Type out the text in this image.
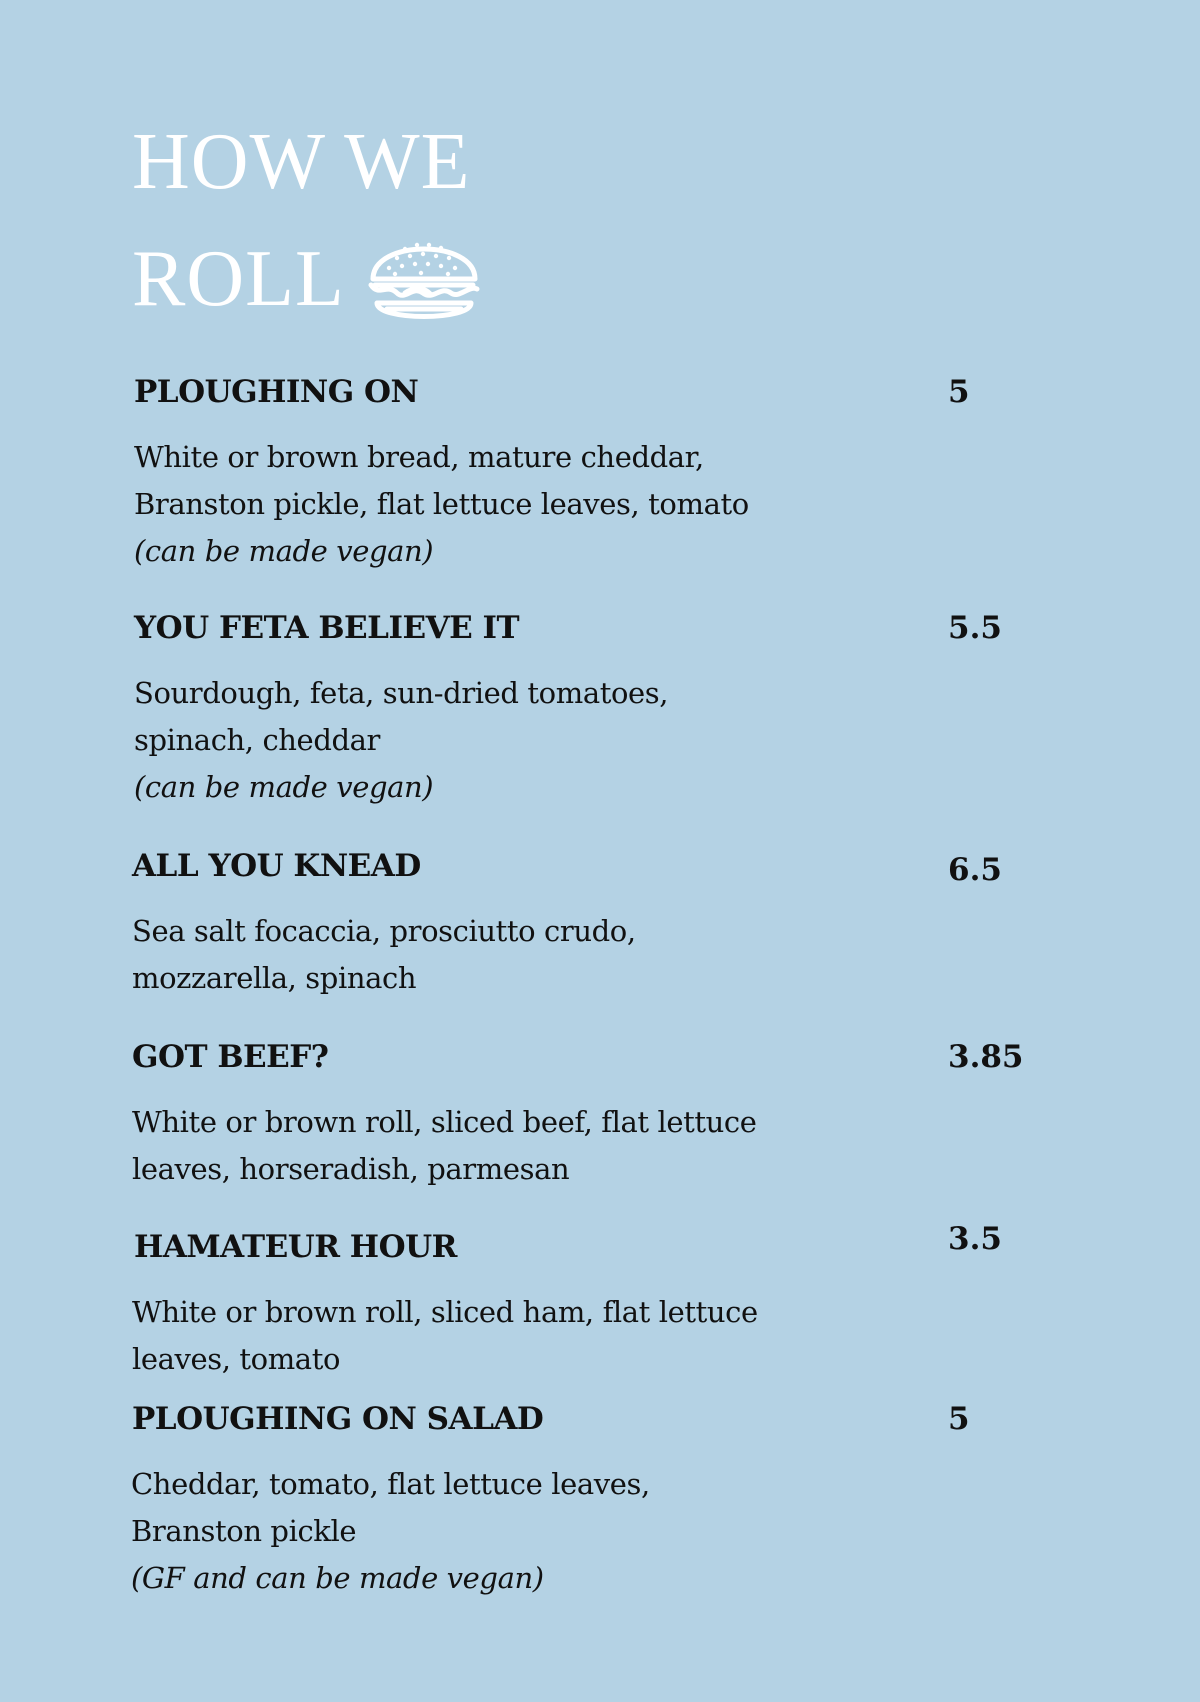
HOW WE
ROLL
PLOUGHING ON	5
White or brown bread, mature cheddar,
Branston pickle, flat lettuce leaves, tomato
(can be made vegan)
YOU FETA BELIEVE IT	5.5
Sourdough, feta, sun-dried tomatoes,
spinach, cheddar
(can be made vegan)
ALL YOU KNEAD	6.5
Sea salt focaccia, prosciutto crudo,
mozzarella, spinach
GOT BEEF?	3.85
White or brown roll, sliced beef, flat lettuce
leaves, horseradish, parmesan
HAMATEUR HOUR	3.5
White or brown roll, sliced ham, flat lettuce
leaves, tomato
PLOUGHING ON SALAD	5
Cheddar, tomato, flat lettuce leaves,
Branston pickle
(GF and can be made vegan)
